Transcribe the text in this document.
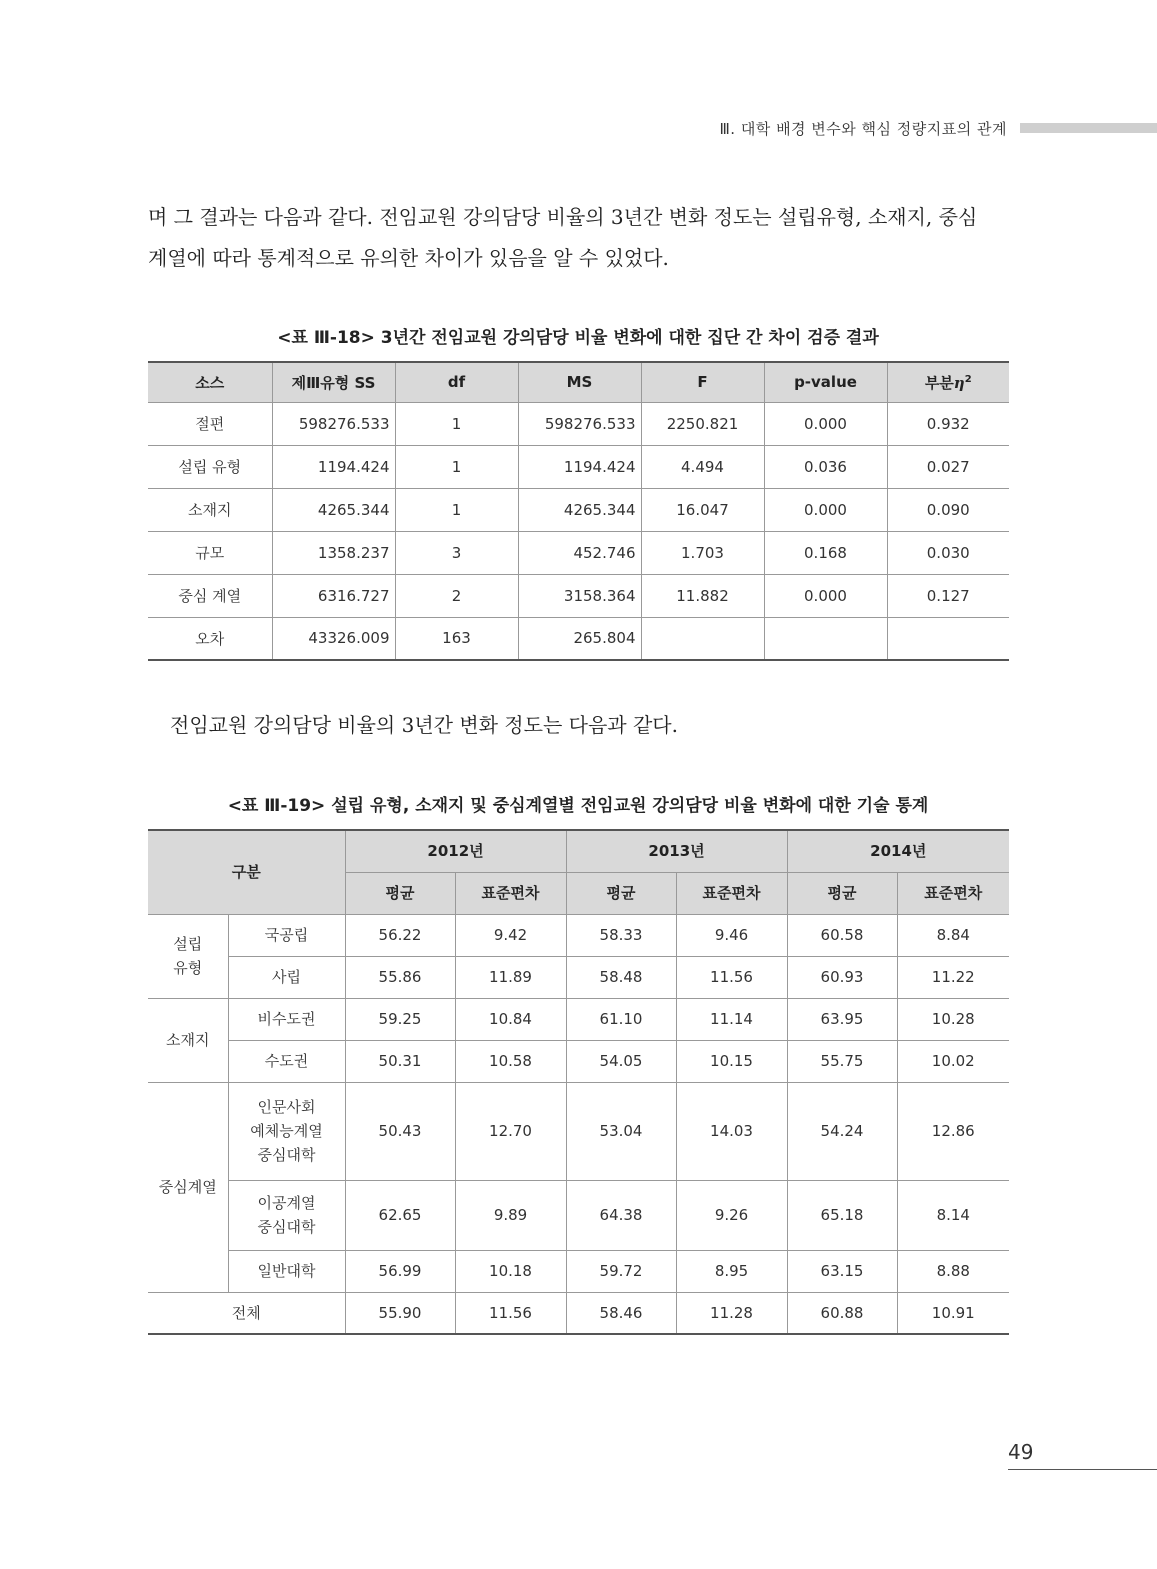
Ⅲ. 대학 배경 변수와 핵심 정량지표의 관계

며 그 결과는 다음과 같다. 전임교원 강의담당 비율의 3년간 변화 정도는 설립유형, 소재지, 중심
계열에 따라 통계적으로 유의한 차이가 있음을 알 수 있었다.

<표 Ⅲ-18> 3년간 전임교원 강의담당 비율 변화에 대한 집단 간 차이 검증 결과
소스	제Ⅲ유형 SS	df	MS	F	p-value	부분$\eta^2$
절편	598276.533	1	598276.533	2250.821	0.000	0.932
설립 유형	1194.424	1	1194.424	4.494	0.036	0.027
소재지	4265.344	1	4265.344	16.047	0.000	0.090
규모	1358.237	3	452.746	1.703	0.168	0.030
중심 계열	6316.727	2	3158.364	11.882	0.000	0.127
오차	43326.009	163	265.804			

전임교원 강의담당 비율의 3년간 변화 정도는 다음과 같다.

<표 Ⅲ-19> 설립 유형, 소재지 및 중심계열별 전임교원 강의담당 비율 변화에 대한 기술 통계
구분		2012년		2013년		2014년	
		평균	표준편차	평균	표준편차	평균	표준편차
설립
유형	국공립	56.22	9.42	58.33	9.46	60.58	8.84
	사립	55.86	11.89	58.48	11.56	60.93	11.22
소재지	비수도권	59.25	10.84	61.10	11.14	63.95	10.28
	수도권	50.31	10.58	54.05	10.15	55.75	10.02
중심계열	인문사회
예체능계열
중심대학	50.43	12.70	53.04	14.03	54.24	12.86
	이공계열
중심대학	62.65	9.89	64.38	9.26	65.18	8.14
	일반대학	56.99	10.18	59.72	8.95	63.15	8.88
전체		55.90	11.56	58.46	11.28	60.88	10.91
49
